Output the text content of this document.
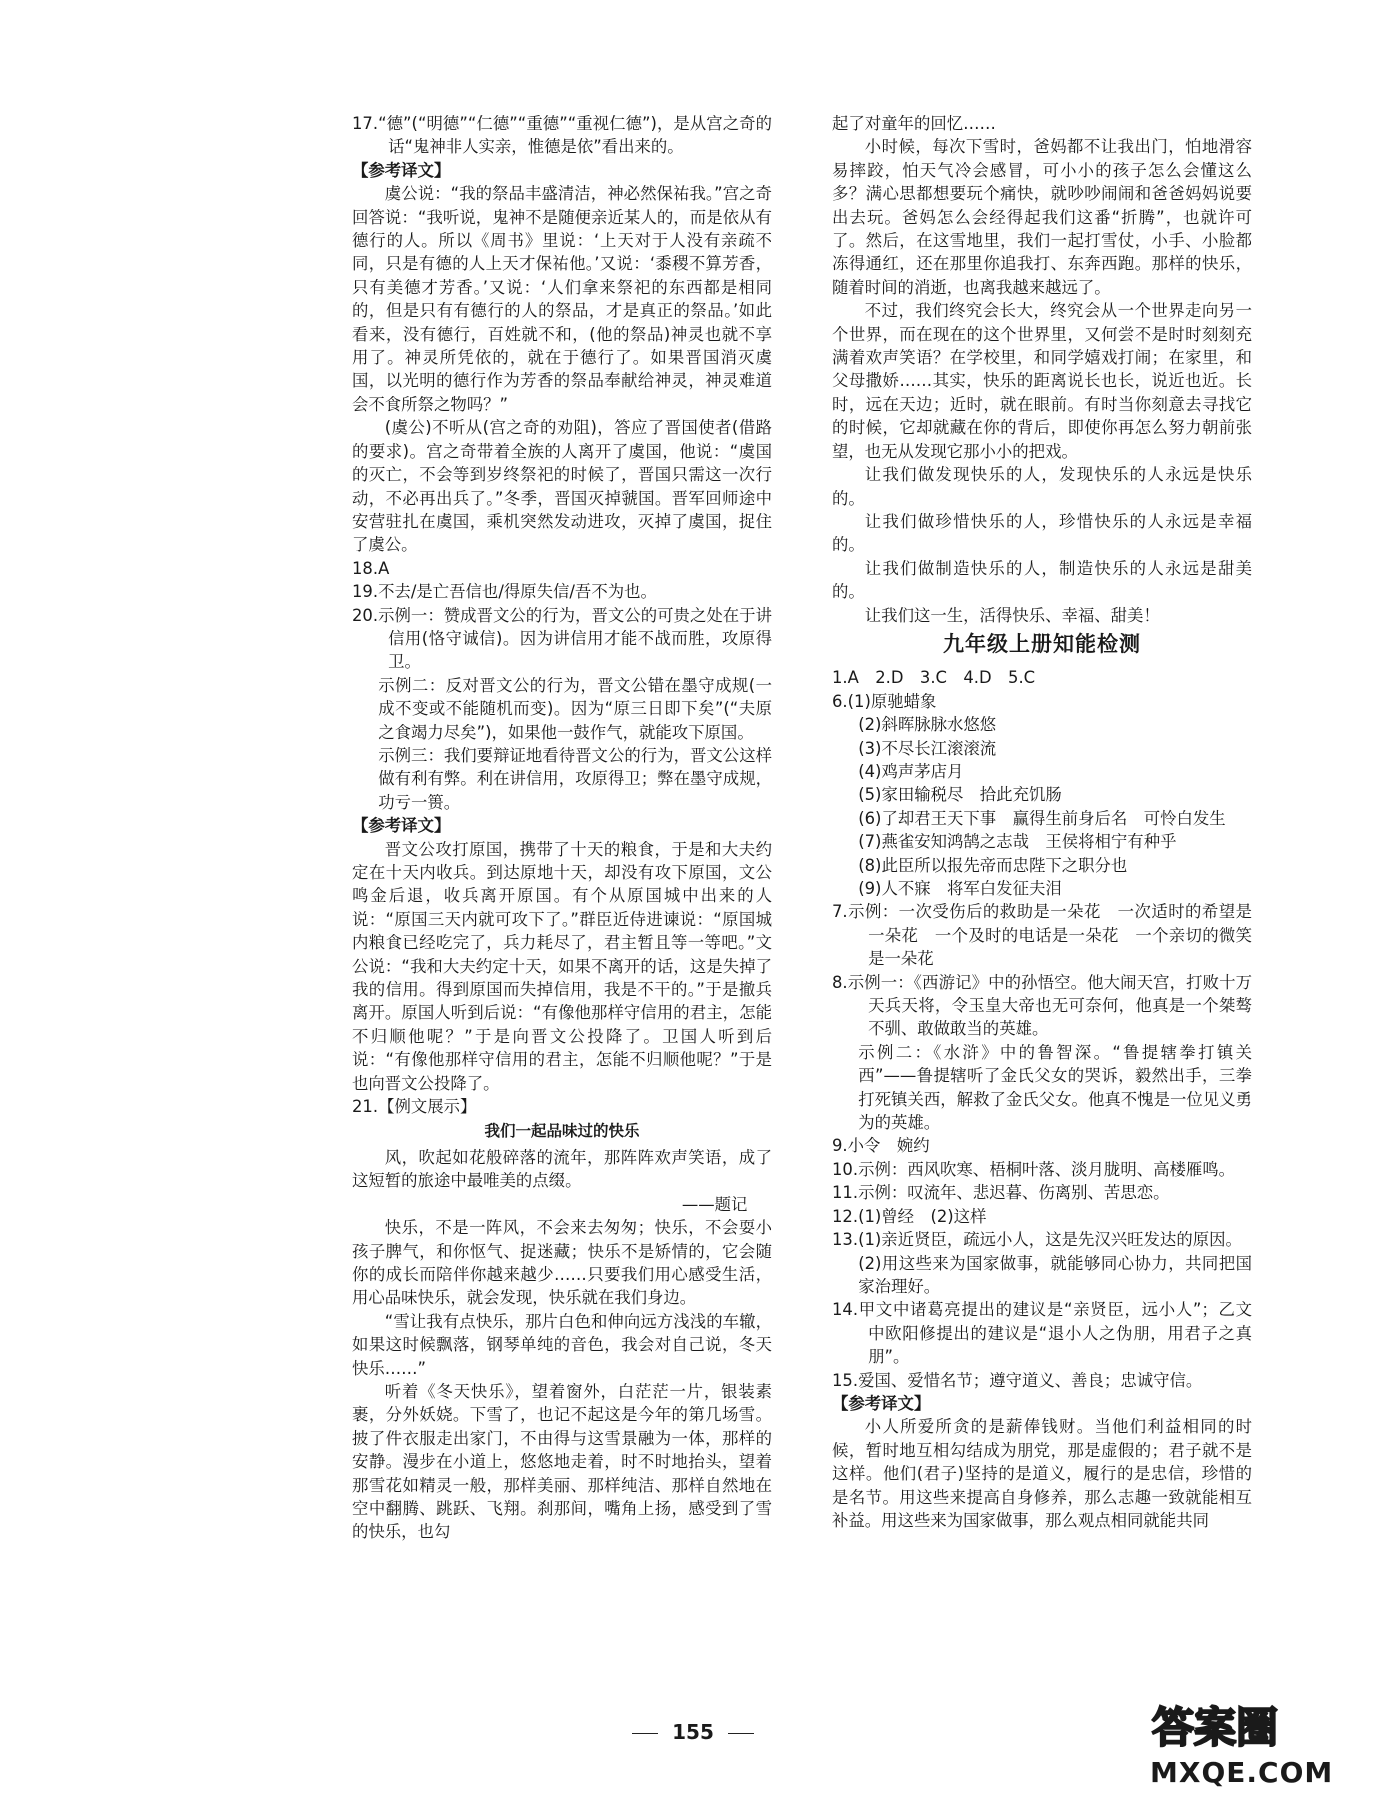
17.“德”(“明德”“仁德”“重德”“重视仁德”)，是从宫之奇的话“鬼神非人实亲，惟德是依”看出来的。

【参考译文】

虞公说：“我的祭品丰盛清洁，神必然保祐我。”宫之奇回答说：“我听说，鬼神不是随便亲近某人的，而是依从有德行的人。所以《周书》里说：‘上天对于人没有亲疏不同，只是有德的人上天才保祐他。’又说：‘黍稷不算芳香，只有美德才芳香。’又说：‘人们拿来祭祀的东西都是相同的，但是只有有德行的人的祭品，才是真正的祭品。’如此看来，没有德行，百姓就不和，(他的祭品)神灵也就不享用了。神灵所凭依的，就在于德行了。如果晋国消灭虞国，以光明的德行作为芳香的祭品奉献给神灵，神灵难道会不食所祭之物吗？”

(虞公)不听从(宫之奇的劝阻)，答应了晋国使者(借路的要求)。宫之奇带着全族的人离开了虞国，他说：“虞国的灭亡，不会等到岁终祭祀的时候了，晋国只需这一次行动，不必再出兵了。”冬季，晋国灭掉虢国。晋军回师途中安营驻扎在虞国，乘机突然发动进攻，灭掉了虞国，捉住了虞公。

18.A

19.不去/是亡吾信也/得原失信/吾不为也。

20.示例一：赞成晋文公的行为，晋文公的可贵之处在于讲信用(恪守诚信)。因为讲信用才能不战而胜，攻原得卫。

示例二：反对晋文公的行为，晋文公错在墨守成规(一成不变或不能随机而变)。因为“原三日即下矣”(“夫原之食竭力尽矣”)，如果他一鼓作气，就能攻下原国。

示例三：我们要辩证地看待晋文公的行为，晋文公这样做有利有弊。利在讲信用，攻原得卫；弊在墨守成规，功亏一篑。

【参考译文】

晋文公攻打原国，携带了十天的粮食，于是和大夫约定在十天内收兵。到达原地十天，却没有攻下原国，文公鸣金后退，收兵离开原国。有个从原国城中出来的人说：“原国三天内就可攻下了。”群臣近侍进谏说：“原国城内粮食已经吃完了，兵力耗尽了，君主暂且等一等吧。”文公说：“我和大夫约定十天，如果不离开的话，这是失掉了我的信用。得到原国而失掉信用，我是不干的。”于是撤兵离开。原国人听到后说：“有像他那样守信用的君主，怎能不归顺他呢？”于是向晋文公投降了。卫国人听到后说：“有像他那样守信用的君主，怎能不归顺他呢？”于是也向晋文公投降了。

21.【例文展示】

我们一起品味过的快乐

风，吹起如花般碎落的流年，那阵阵欢声笑语，成了这短暂的旅途中最唯美的点缀。

——题记

快乐，不是一阵风，不会来去匆匆；快乐，不会耍小孩子脾气，和你怄气、捉迷藏；快乐不是矫情的，它会随你的成长而陪伴你越来越少……只要我们用心感受生活，用心品味快乐，就会发现，快乐就在我们身边。

“雪让我有点快乐，那片白色和伸向远方浅浅的车辙，如果这时候飘落，钢琴单纯的音色，我会对自己说，冬天快乐……”

听着《冬天快乐》，望着窗外，白茫茫一片，银装素裹，分外妖娆。下雪了，也记不起这是今年的第几场雪。披了件衣服走出家门，不由得与这雪景融为一体，那样的安静。漫步在小道上，悠悠地走着，时不时地抬头，望着那雪花如精灵一般，那样美丽、那样纯洁、那样自然地在空中翻腾、跳跃、飞翔。刹那间，嘴角上扬，感受到了雪的快乐，也勾

起了对童年的回忆……

小时候，每次下雪时，爸妈都不让我出门，怕地滑容易摔跤，怕天气冷会感冒，可小小的孩子怎么会懂这么多？满心思都想要玩个痛快，就吵吵闹闹和爸爸妈妈说要出去玩。爸妈怎么会经得起我们这番“折腾”，也就许可了。然后，在这雪地里，我们一起打雪仗，小手、小脸都冻得通红，还在那里你追我打、东奔西跑。那样的快乐，随着时间的消逝，也离我越来越远了。

不过，我们终究会长大，终究会从一个世界走向另一个世界，而在现在的这个世界里，又何尝不是时时刻刻充满着欢声笑语？在学校里，和同学嬉戏打闹；在家里，和父母撒娇……其实，快乐的距离说长也长，说近也近。长时，远在天边；近时，就在眼前。有时当你刻意去寻找它的时候，它却就藏在你的背后，即使你再怎么努力朝前张望，也无从发现它那小小的把戏。

让我们做发现快乐的人，发现快乐的人永远是快乐的。

让我们做珍惜快乐的人，珍惜快乐的人永远是幸福的。

让我们做制造快乐的人，制造快乐的人永远是甜美的。

让我们这一生，活得快乐、幸福、甜美！

九年级上册知能检测

1.A　2.D　3.C　4.D　5.C

6.(1)原驰蜡象

(2)斜晖脉脉水悠悠

(3)不尽长江滚滚流

(4)鸡声茅店月

(5)家田输税尽　拾此充饥肠

(6)了却君王天下事　赢得生前身后名　可怜白发生

(7)燕雀安知鸿鹄之志哉　王侯将相宁有种乎

(8)此臣所以报先帝而忠陛下之职分也

(9)人不寐　将军白发征夫泪

7.示例：一次受伤后的救助是一朵花　一次适时的希望是一朵花　一个及时的电话是一朵花　一个亲切的微笑是一朵花

8.示例一：《西游记》中的孙悟空。他大闹天宫，打败十万天兵天将，令玉皇大帝也无可奈何，他真是一个桀骜不驯、敢做敢当的英雄。

示例二：《水浒》中的鲁智深。“鲁提辖拳打镇关西”——鲁提辖听了金氏父女的哭诉，毅然出手，三拳打死镇关西，解救了金氏父女。他真不愧是一位见义勇为的英雄。

9.小令　婉约

10.示例：西风吹寒、梧桐叶落、淡月胧明、高楼雁鸣。

11.示例：叹流年、悲迟暮、伤离别、苦思恋。

12.(1)曾经　(2)这样

13.(1)亲近贤臣，疏远小人，这是先汉兴旺发达的原因。

(2)用这些来为国家做事，就能够同心协力，共同把国家治理好。

14.甲文中诸葛亮提出的建议是“亲贤臣，远小人”；乙文中欧阳修提出的建议是“退小人之伪朋，用君子之真朋”。

15.爱国、爱惜名节；遵守道义、善良；忠诚守信。

【参考译文】

小人所爱所贪的是薪俸钱财。当他们利益相同的时候，暂时地互相勾结成为朋党，那是虚假的；君子就不是这样。他们(君子)坚持的是道义，履行的是忠信，珍惜的是名节。用这些来提高自身修养，那么志趣一致就能相互补益。用这些来为国家做事，那么观点相同就能共同

155	答案圈
MXQE.COM
